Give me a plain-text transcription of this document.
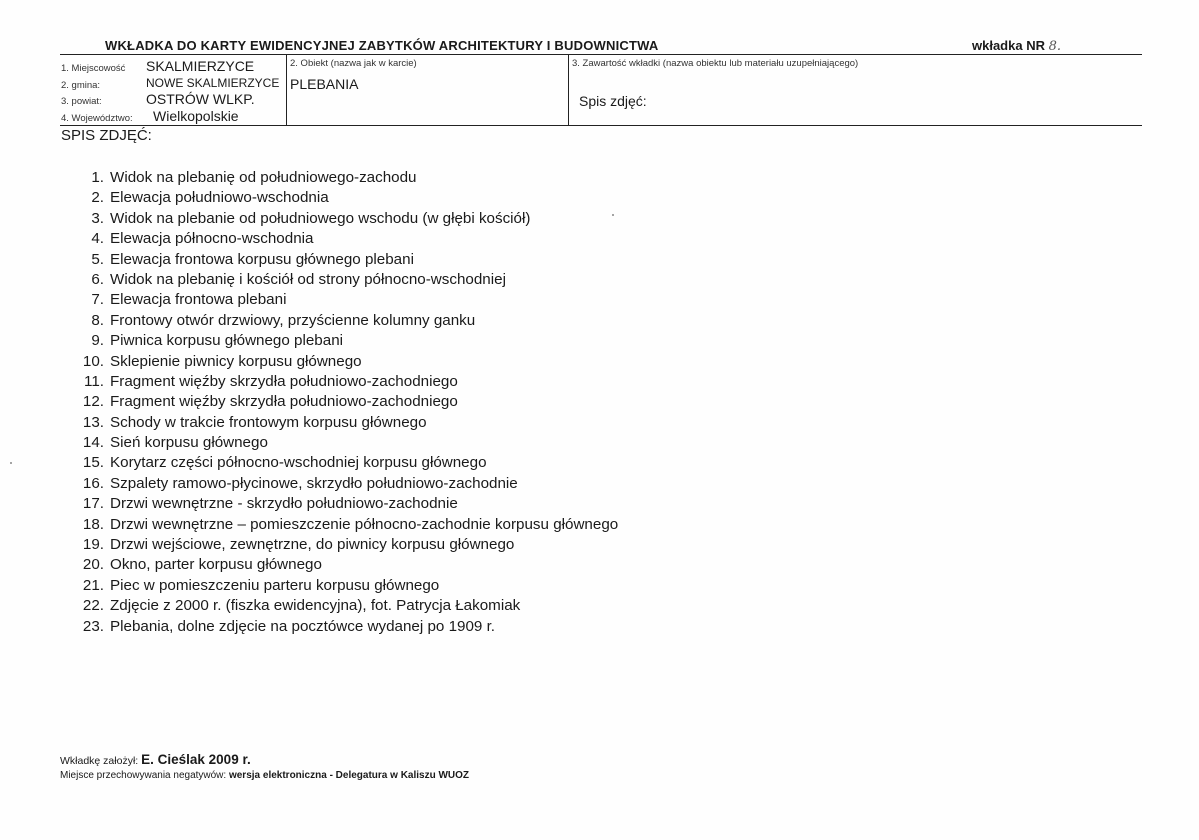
WKŁADKA DO KARTY EWIDENCYJNEJ ZABYTKÓW ARCHITEKTURY I BUDOWNICTWA	wkładka NR 8.
1. Miejscowość SKALMIERZYCE
2. gmina:	NOWE SKALMIERZYCE
3. powiat:	OSTRÓW WLKP.
4. Województwo: Wielkopolskie
2. Obiekt (nazwa jak w karcie)
PLEBANIA
3. Zawartość wkładki (nazwa obiektu lub materiału uzupełniającego)
Spis zdjęć:
SPIS ZDJĘĆ:
1. Widok na plebanię od południowego-zachodu
2. Elewacja południowo-wschodnia
3. Widok na plebanie od południowego wschodu (w głębi kościół)
4. Elewacja północno-wschodnia
5. Elewacja frontowa korpusu głównego plebani
6. Widok na plebanię i kościół od strony północno-wschodniej
7. Elewacja frontowa plebani
8. Frontowy otwór drzwiowy, przyścienne kolumny ganku
9. Piwnica korpusu głównego plebani
10. Sklepienie piwnicy korpusu głównego
11. Fragment więźby skrzydła południowo-zachodniego
12. Fragment więźby skrzydła południowo-zachodniego
13. Schody w trakcie frontowym korpusu głównego
14. Sień korpusu głównego
15. Korytarz części północno-wschodniej korpusu głównego
16. Szpalety ramowo-płycinowe, skrzydło południowo-zachodnie
17. Drzwi wewnętrzne - skrzydło południowo-zachodnie
18. Drzwi wewnętrzne – pomieszczenie północno-zachodnie korpusu głównego
19. Drzwi wejściowe, zewnętrzne, do piwnicy korpusu głównego
20. Okno, parter korpusu głównego
21. Piec w pomieszczeniu parteru korpusu głównego
22. Zdjęcie z 2000 r. (fiszka ewidencyjna), fot. Patrycja Łakomiak
23. Plebania, dolne zdjęcie na pocztówce wydanej po 1909 r.
Wkładkę założył: E. Cieślak 2009 r.
Miejsce przechowywania negatywów: wersja elektroniczna - Delegatura w Kaliszu WUOZ
